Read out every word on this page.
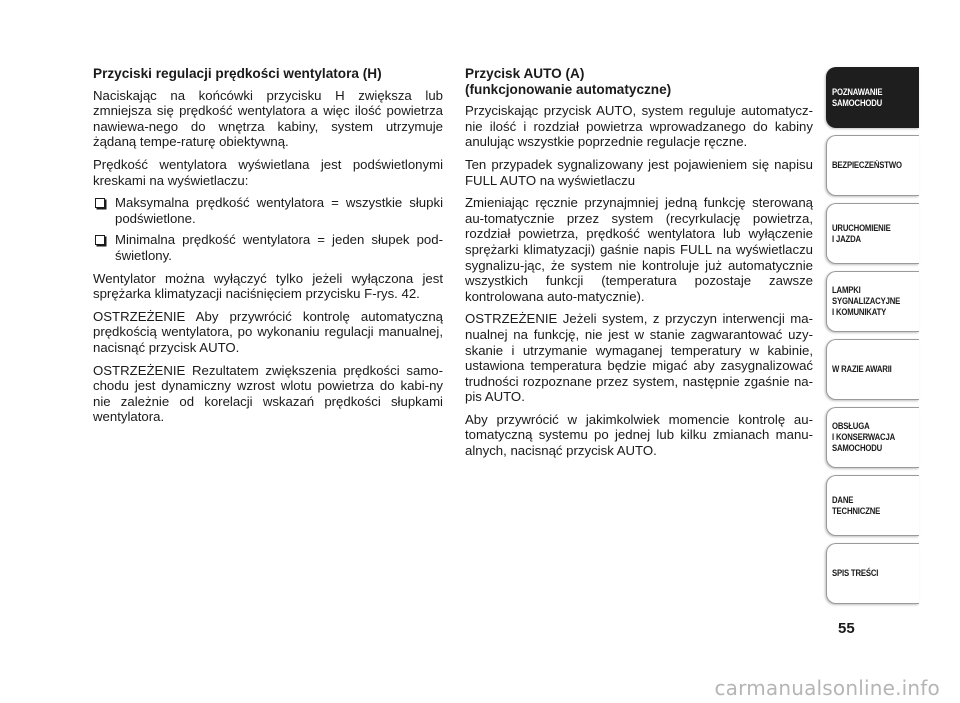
Przyciski regulacji prędkości wentylatora (H)

Naciskając na końcówki przycisku H zwiększa lub zmniejsza się prędkość wentylatora a więc ilość powietrza nawiewa-nego do wnętrza kabiny, system utrzymuje żądaną tempe-raturę obiektywną.

Prędkość wentylatora wyświetlana jest podświetlonymi kreskami na wyświetlaczu:

Maksymalna prędkość wentylatora = wszystkie słupki podświetlone.
Minimalna prędkość wentylatora = jeden słupek pod-świetlony.

Wentylator można wyłączyć tylko jeżeli wyłączona jest sprężarka klimatyzacji naciśnięciem przycisku F-rys. 42.

OSTRZEŻENIE Aby przywrócić kontrolę automatyczną prędkością wentylatora, po wykonaniu regulacji manualnej, nacisnąć przycisk AUTO.

OSTRZEŻENIE Rezultatem zwiększenia prędkości samo-chodu jest dynamiczny wzrost wlotu powietrza do kabi-ny nie zależnie od korelacji wskazań prędkości słupkami wentylatora.

Przycisk AUTO (A)
(funkcjonowanie automatyczne)

Przyciskając przycisk AUTO, system reguluje automatycz-nie ilość i rozdział powietrza wprowadzanego do kabiny anulując wszystkie poprzednie regulacje ręczne.

Ten przypadek sygnalizowany jest pojawieniem się napisu FULL AUTO na wyświetlaczu

Zmieniając ręcznie przynajmniej jedną funkcję sterowaną au-tomatycznie przez system (recyrkulację powietrza, rozdział powietrza, prędkość wentylatora lub wyłączenie sprężarki klimatyzacji) gaśnie napis FULL na wyświetlaczu sygnalizu-jąc, że system nie kontroluje już automatycznie wszystkich funkcji (temperatura pozostaje zawsze kontrolowana auto-matycznie).

OSTRZEŻENIE Jeżeli system, z przyczyn interwencji ma-nualnej na funkcję, nie jest w stanie zagwarantować uzy-skanie i utrzymanie wymaganej temperatury w kabinie, ustawiona temperatura będzie migać aby zasygnalizować trudności rozpoznane przez system, następnie zgaśnie na-pis AUTO.

Aby przywrócić w jakimkolwiek momencie kontrolę au-tomatyczną systemu po jednej lub kilku zmianach manu-alnych, nacisnąć przycisk AUTO.

POZNAWANIE
SAMOCHODU
BEZPIECZEŃSTWO
URUCHOMIENIE
I JAZDA
LAMPKI
SYGNALIZACYJNE
I KOMUNIKATY
W RAZIE AWARII
OBSŁUGA
I KONSERWACJA
SAMOCHODU
DANE
TECHNICZNE
SPIS TREŚCI
55
carmanualsonline.info
